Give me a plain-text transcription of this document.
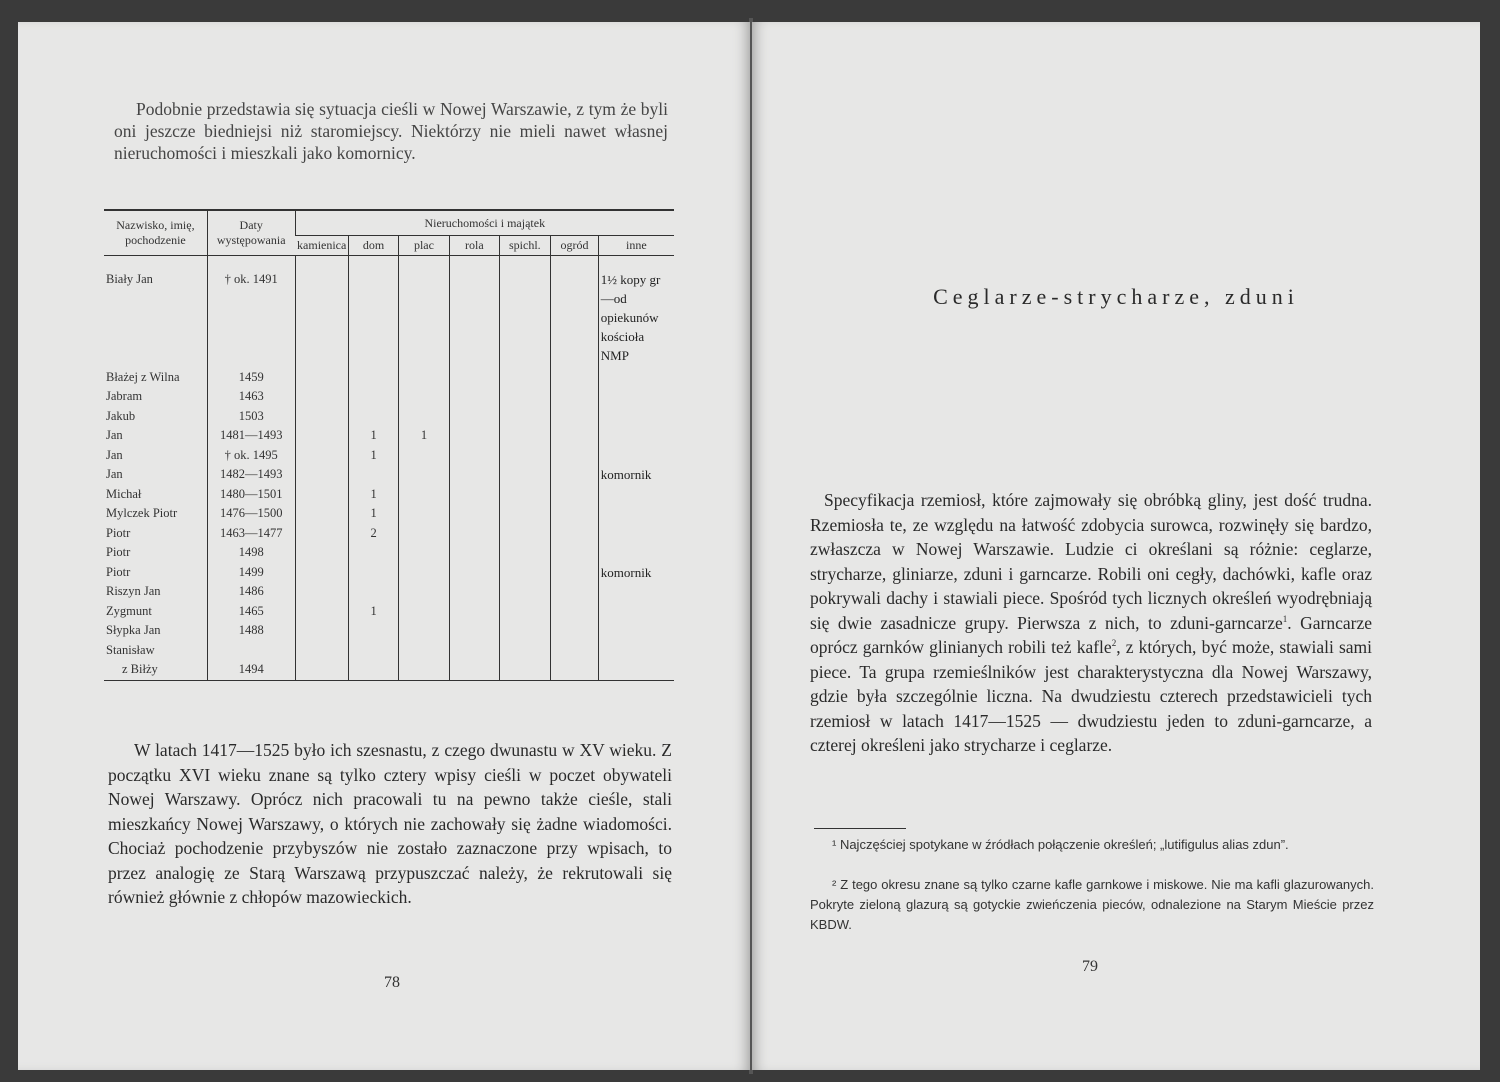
Podobnie przedstawia się sytuacja cieśli w Nowej Warszawie, z tym że byli oni jeszcze biedniejsi niż staromiejscy. Niektórzy nie mieli nawet własnej nieruchomości i mieszkali jako komornicy.

Nazwisko, imię, pochodzenie	Daty występowania	Nieruchomości i majątek						
		kamienica	dom	plac	rola	spichl.	ogród	inne

Biały Jan	† ok. 1491							1½ kopy gr—od opiekunów kościoła NMP

Błażej z Wilna	1459							
Jabram	1463							
Jakub	1503							
Jan	1481—1493		1	1				
Jan	† ok. 1495		1					
Jan	1482—1493							komornik
Michał	1480—1501		1					
Mylczek Piotr	1476—1500		1					
Piotr	1463—1477		2					
Piotr	1498							
Piotr	1499							komornik
Riszyn Jan	1486							
Zygmunt	1465		1					
Słypka Jan	1488							
Stanisław								
z Biłży	1494							

W latach 1417—1525 było ich szesnastu, z czego dwunastu w XV wieku. Z początku XVI wieku znane są tylko cztery wpisy cieśli w poczet obywateli Nowej Warszawy. Oprócz nich pracowali tu na pewno także cieśle, stali mieszkańcy Nowej Warszawy, o których nie zachowały się żadne wiadomości. Chociaż pochodzenie przybyszów nie zostało zaznaczone przy wpisach, to przez analogię ze Starą Warszawą przypuszczać należy, że rekrutowali się również głównie z chłopów mazowieckich.

78
Ceglarze-strycharze, zduni

Specyfikacja rzemiosł, które zajmowały się obróbką gliny, jest dość trudna. Rzemiosła te, ze względu na łatwość zdobycia surowca, rozwinęły się bardzo, zwłaszcza w Nowej Warszawie. Ludzie ci określani są różnie: ceglarze, strycharze, gliniarze, zduni i garncarze. Robili oni cegły, dachówki, kafle oraz pokrywali dachy i stawiali piece. Spośród tych licznych określeń wyodrębniają się dwie zasadnicze grupy. Pierwsza z nich, to zduni-garncarze$^1$. Garncarze oprócz garnków glinianych robili też kafle$^2$, z których, być może, stawiali sami piece. Ta grupa rzemieślników jest charakterystyczna dla Nowej Warszawy, gdzie była szczególnie liczna. Na dwudziestu czterech przedstawicieli tych rzemiosł w latach 1417—1525 — dwudziestu jeden to zduni-garncarze, a czterej określeni jako strycharze i ceglarze.

¹ Najczęściej spotykane w źródłach połączenie określeń; „lutifigulus alias zdun”.

² Z tego okresu znane są tylko czarne kafle garnkowe i miskowe. Nie ma kafli glazurowanych. Pokryte zieloną glazurą są gotyckie zwieńczenia pieców, odnalezione na Starym Mieście przez KBDW.

79
